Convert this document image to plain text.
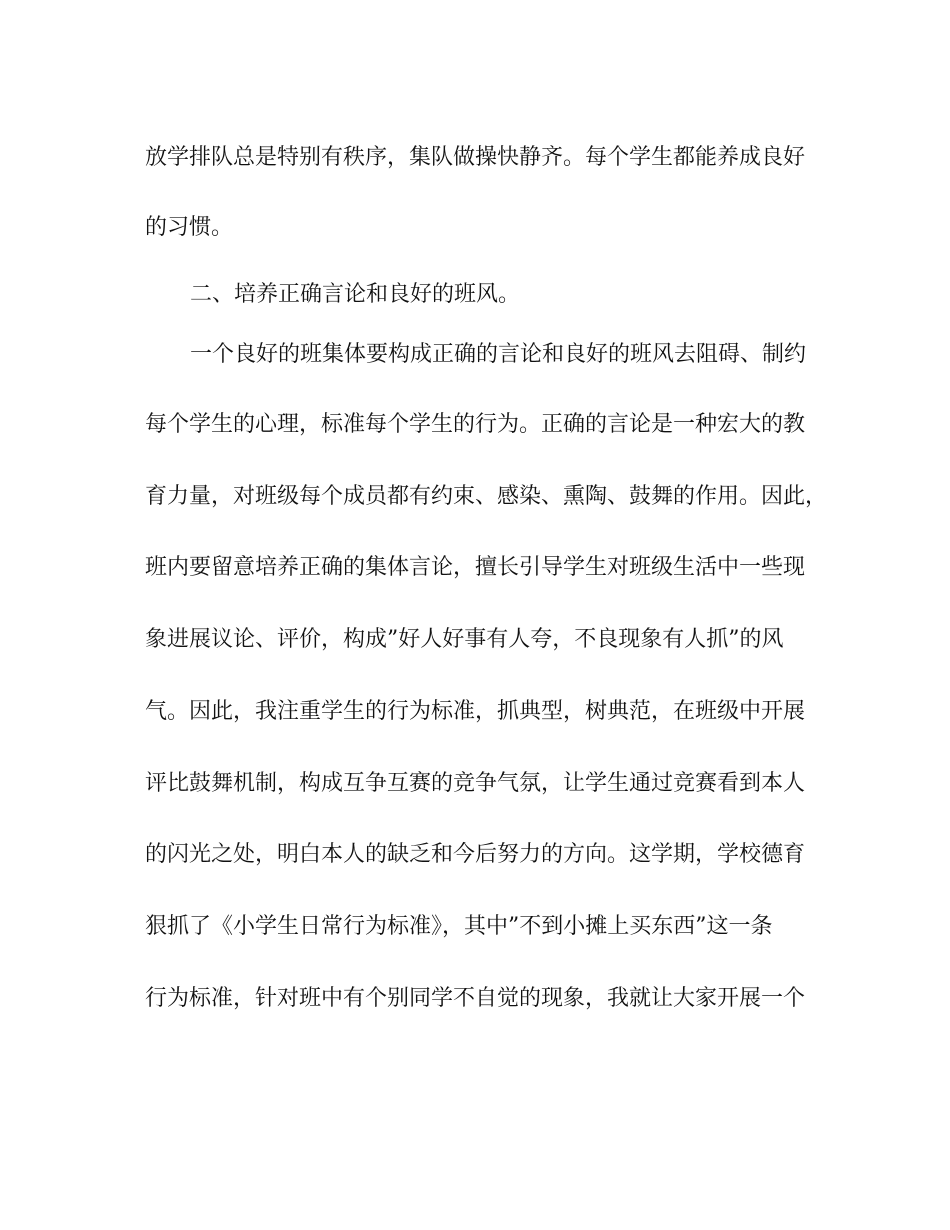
放学排队总是特别有秩序，集队做操快静齐。每个学生都能养成良好
的习惯。
二、培养正确言论和良好的班风。
一个良好的班集体要构成正确的言论和良好的班风去阻碍、制约
每个学生的心理，标准每个学生的行为。正确的言论是一种宏大的教
育力量，对班级每个成员都有约束、感染、熏陶、鼓舞的作用。因此，
班内要留意培养正确的集体言论，擅长引导学生对班级生活中一些现
象进展议论、评价，构成”好人好事有人夸，不良现象有人抓”的风
气。因此，我注重学生的行为标准，抓典型，树典范，在班级中开展
评比鼓舞机制，构成互争互赛的竞争气氛，让学生通过竞赛看到本人
的闪光之处，明白本人的缺乏和今后努力的方向。这学期，学校德育
狠抓了《小学生日常行为标准》，其中”不到小摊上买东西”这一条
行为标准，针对班中有个别同学不自觉的现象，我就让大家开展一个
